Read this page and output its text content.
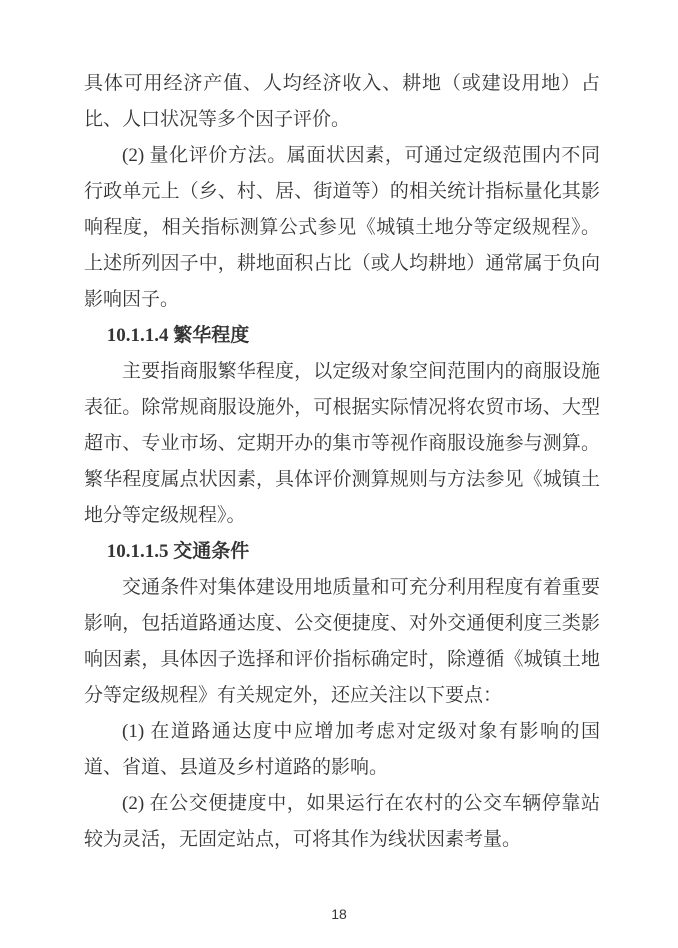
具体可用经济产值、人均经济收入、耕地（或建设用地）占比、人口状况等多个因子评价。

(2) 量化评价方法。属面状因素，可通过定级范围内不同行政单元上（乡、村、居、街道等）的相关统计指标量化其影响程度，相关指标测算公式参见《城镇土地分等定级规程》。上述所列因子中，耕地面积占比（或人均耕地）通常属于负向影响因子。

10.1.1.4 繁华程度

主要指商服繁华程度，以定级对象空间范围内的商服设施表征。除常规商服设施外，可根据实际情况将农贸市场、大型超市、专业市场、定期开办的集市等视作商服设施参与测算。繁华程度属点状因素，具体评价测算规则与方法参见《城镇土地分等定级规程》。

10.1.1.5 交通条件

交通条件对集体建设用地质量和可充分利用程度有着重要影响，包括道路通达度、公交便捷度、对外交通便利度三类影响因素，具体因子选择和评价指标确定时，除遵循《城镇土地分等定级规程》有关规定外，还应关注以下要点：

(1) 在道路通达度中应增加考虑对定级对象有影响的国道、省道、县道及乡村道路的影响。

(2) 在公交便捷度中，如果运行在农村的公交车辆停靠站较为灵活，无固定站点，可将其作为线状因素考量。

18
